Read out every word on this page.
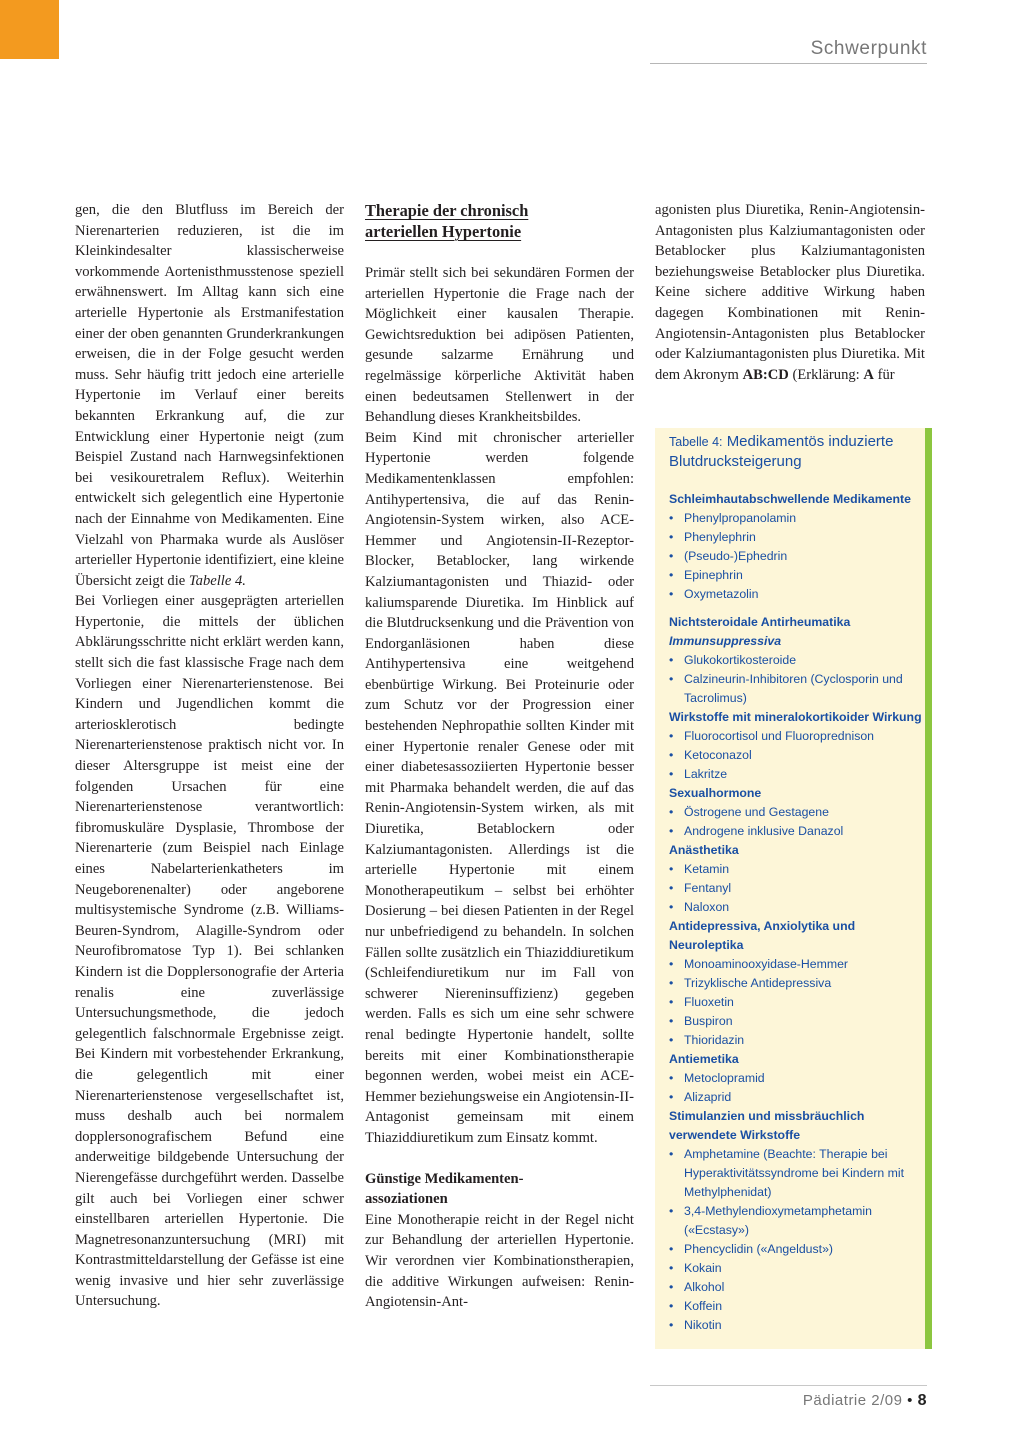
Schwerpunkt

gen, die den Blutfluss im Bereich der Nierenarterien reduzieren, ist die im Kleinkindesalter klassischerweise vorkommende Aortenisthmusstenose speziell erwähnenswert. Im Alltag kann sich eine arterielle Hypertonie als Erstmanifestation einer der oben genannten Grunderkrankungen erweisen, die in der Folge gesucht werden muss. Sehr häufig tritt jedoch eine arterielle Hypertonie im Verlauf einer bereits bekannten Erkrankung auf, die zur Entwicklung einer Hypertonie neigt (zum Beispiel Zustand nach Harnwegsinfektionen bei vesikouretralem Reflux). Weiterhin entwickelt sich gelegentlich eine Hypertonie nach der Einnahme von Medikamenten. Eine Vielzahl von Pharmaka wurde als Auslöser arterieller Hypertonie identifiziert, eine kleine Übersicht zeigt die Tabelle 4.

Bei Vorliegen einer ausgeprägten arteriellen Hypertonie, die mittels der üblichen Abklärungsschritte nicht erklärt werden kann, stellt sich die fast klassische Frage nach dem Vorliegen einer Nierenarterienstenose. Bei Kindern und Jugendlichen kommt die arteriosklerotisch bedingte Nierenarterienstenose praktisch nicht vor. In dieser Altersgruppe ist meist eine der folgenden Ursachen für eine Nierenarterienstenose verantwortlich: fibromuskuläre Dysplasie, Thrombose der Nierenarterie (zum Beispiel nach Einlage eines Nabelarterienkatheters im Neugeborenenalter) oder angeborene multisystemische Syndrome (z.B. Williams-Beuren-Syndrom, Alagille-Syndrom oder Neurofibromatose Typ 1). Bei schlanken Kindern ist die Dopplersonografie der Arteria renalis eine zuverlässige Untersuchungsmethode, die jedoch gelegentlich falschnormale Ergebnisse zeigt. Bei Kindern mit vorbestehender Erkrankung, die gelegentlich mit einer Nierenarterienstenose vergesellschaftet ist, muss deshalb auch bei normalem dopplersonografischem Befund eine anderweitige bildgebende Untersuchung der Nierengefässe durchgeführt werden. Dasselbe gilt auch bei Vorliegen einer schwer einstellbaren arteriellen Hypertonie. Die Magnetresonanzuntersuchung (MRI) mit Kontrastmitteldarstellung der Gefässe ist eine wenig invasive und hier sehr zuverlässige Untersuchung.

Therapie der chronisch
arteriellen Hypertonie

Primär stellt sich bei sekundären Formen der arteriellen Hypertonie die Frage nach der Möglichkeit einer kausalen Therapie. Gewichtsreduktion bei adipösen Patienten, gesunde salzarme Ernährung und regelmässige körperliche Aktivität haben einen bedeutsamen Stellenwert in der Behandlung dieses Krankheitsbildes.

Beim Kind mit chronischer arterieller Hypertonie werden folgende Medikamentenklassen empfohlen: Antihypertensiva, die auf das Renin-Angiotensin-System wirken, also ACE-Hemmer und Angiotensin-II-Rezeptor-Blocker, Betablocker, lang wirkende Kalziumantagonisten und Thiazid- oder kaliumsparende Diuretika. Im Hinblick auf die Blutdrucksenkung und die Prävention von Endorganläsionen haben diese Antihypertensiva eine weitgehend ebenbürtige Wirkung. Bei Proteinurie oder zum Schutz vor der Progression einer bestehenden Nephropathie sollten Kinder mit einer Hypertonie renaler Genese oder mit einer diabetesassoziierten Hypertonie besser mit Pharmaka behandelt werden, die auf das Renin-Angiotensin-System wirken, als mit Diuretika, Betablockern oder Kalziumantagonisten. Allerdings ist die arterielle Hypertonie mit einem Monotherapeutikum – selbst bei erhöhter Dosierung – bei diesen Patienten in der Regel nur unbefriedigend zu behandeln. In solchen Fällen sollte zusätzlich ein Thiaziddiuretikum (Schleifendiuretikum nur im Fall von schwerer Niereninsuffizienz) gegeben werden. Falls es sich um eine sehr schwere renal bedingte Hypertonie handelt, sollte bereits mit einer Kombinationstherapie begonnen werden, wobei meist ein ACE-Hemmer beziehungsweise ein Angiotensin-II-Antagonist gemeinsam mit einem Thiaziddiuretikum zum Einsatz kommt.

Günstige Medikamenten-
assoziationen

Eine Monotherapie reicht in der Regel nicht zur Behandlung der arteriellen Hypertonie. Wir verordnen vier Kombinationstherapien, die additive Wirkungen aufweisen: Renin-Angiotensin-Ant-

agonisten plus Diuretika, Renin-Angiotensin-Antagonisten plus Kalziumantagonisten oder Betablocker plus Kalziumantagonisten beziehungsweise Betablocker plus Diuretika. Keine sichere additive Wirkung haben dagegen Kombinationen mit Renin-Angiotensin-Antagonisten plus Betablocker oder Kalziumantagonisten plus Diuretika. Mit dem Akronym AB:CD (Erklärung: A für

Tabelle 4: Medikamentös induzierte Blutdrucksteigerung
Schleimhautabschwellende Medikamente
• Phenylpropanolamin
• Phenylephrin
• (Pseudo-)Ephedrin
• Epinephrin
• Oxymetazolin
Nichtsteroidale Antirheumatika
Immunsuppressiva
• Glukokortikosteroide
• Calzineurin-Inhibitoren (Cyclosporin und Tacrolimus)
Wirkstoffe mit mineralokortikoider Wirkung
• Fluorocortisol und Fluoroprednison
• Ketoconazol
• Lakritze
Sexualhormone
• Östrogene und Gestagene
• Androgene inklusive Danazol
Anästhetika
• Ketamin
• Fentanyl
• Naloxon
Antidepressiva, Anxiolytika und Neuroleptika
• Monoaminooxyidase-Hemmer
• Trizyklische Antidepressiva
• Fluoxetin
• Buspiron
• Thioridazin
Antiemetika
• Metoclopramid
• Alizaprid
Stimulanzien und missbräuchlich verwendete Wirkstoffe
• Amphetamine (Beachte: Therapie bei Hyperaktivitätssyndrome bei Kindern mit Methylphenidat)
• 3,4-Methylendioxymetamphetamin («Ecstasy»)
• Phencyclidin («Angeldust»)
• Kokain
• Alkohol
• Koffein
• Nikotin
Pädiatrie 2/09 • 8
